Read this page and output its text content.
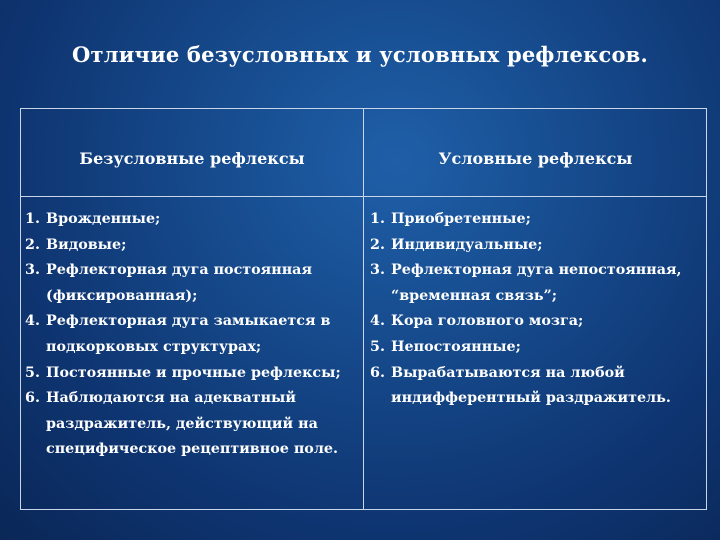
Отличие безусловных и условных рефлексов.
Безусловные рефлексы	Условные рефлексы
1. Врожденные;
2. Видовые;
3. Рефлекторная дуга постоянная (фиксированная);
4. Рефлекторная дуга замыкается в подкорковых структурах;
5. Постоянные и прочные рефлексы;
6. Наблюдаются на адекватный раздражитель, действующий на специфическое рецептивное поле.
1. Приобретенные;
2. Индивидуальные;
3. Рефлекторная дуга непостоянная, “временная связь”;
4. Кора головного мозга;
5. Непостоянные;
6. Вырабатываются на любой индифферентный раздражитель.
